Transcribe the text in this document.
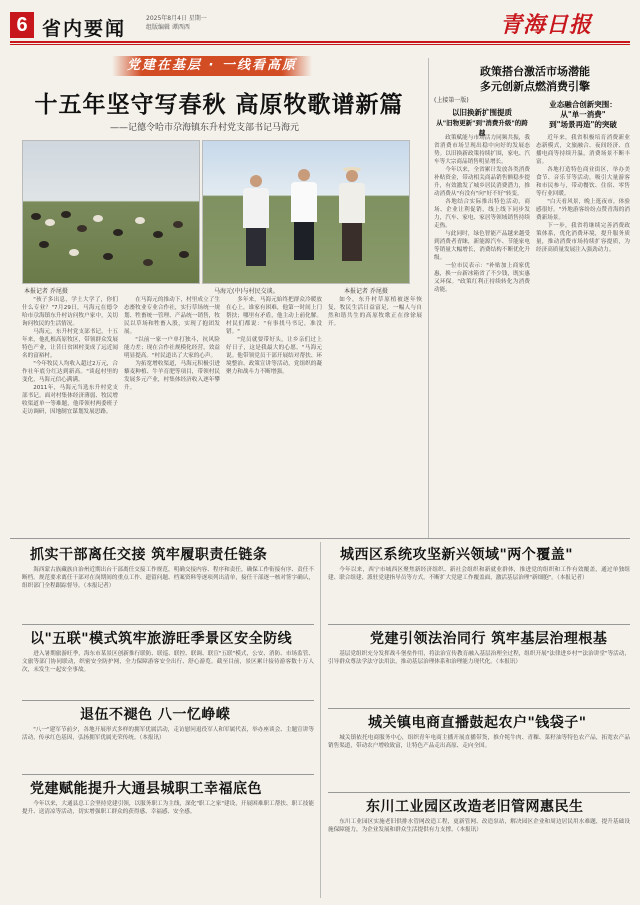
6 省内要闻	2025年8月4日 星期一
组版编辑 谭西西	青海日报
党建在基层 · 一线看高原
十五年坚守写春秋 高原牧歌谱新篇
——记德令哈市尕海镇东升村党支部书记马海元
本报记者 乔尾摄	马海元(中)与村民交谈。	本报记者 乔尾摄

"孩子多出息，学土大学了，你们什么专业？"7月29日，马海元在德令哈市尕海镇东升村访问牧户家中，关切询问牧民的生活情况。

马海元，东升村党支部书记，十五年来，他扎根高原牧区，带领群众发展特色产业，让昔日贫困村变成了远近闻名的富裕村。

"今年牧民人均收入超过2万元，合作社年底分红达到新高。"谈起村里的变化，马海元信心满满。

2011年，马海元当选东升村党支部书记。面对村集体经济薄弱、牧民增收渠道单一等难题，他带领村两委班子走访调研，因地制宜谋划发展思路。

在马海元的推动下，村里成立了生态畜牧业专业合作社，实行草场统一规划、牲畜统一管理、产品统一销售，牧民以草场和牲畜入股，实现了抱团发展。

"以前一家一户单打独斗，抗风险能力差；现在合作社规模化经营，效益明显提高。"村民道出了大家的心声。

为拓宽增收渠道，马海元积极引进藜麦种植、牛羊育肥等项目，带领村民发展多元产业，村集体经济收入逐年攀升。

多年来，马海元始终把群众冷暖放在心上，谁家有困难，他第一时间上门帮扶；哪里有矛盾，他主动上前化解。村民们都说："有事找马书记，准没错。"

"党员就要带好头，让乡亲们过上好日子，这是我最大的心愿。"马海元说。他带领党员干部开展结对帮扶、环境整治、政策宣讲等活动，党组织的凝聚力和战斗力不断增强。

如今，东升村草原植被逐年恢复，牧民生活日益富足，一幅人与自然和谐共生的高原牧歌正在徐徐展开。

政策搭台激活市场潜能
多元创新点燃消费引擎
(上接第一版)
以旧换新扩围提质
从"旧物更新"到"消费升级"的跨越

政策赋能与市场活力同频共振，我省消费市场呈现出稳中向好的发展态势。以旧换新政策持续扩围，家电、汽车等大宗商品销售明显增长。

今年以来，全省累计发放各类消费补贴资金，带动相关商品销售额稳步提升，有效激发了城乡居民消费潜力，推动消费从"有没有"向"好不好"转变。

各地结合实际推出特色活动，商场、企业让利促销，线上线下同步发力，汽车、家电、家居等领域销售持续走热。

与此同时，绿色智能产品越来越受到消费者青睐，新能源汽车、节能家电等销量大幅增长，消费结构不断优化升级。

一位市民表示："补贴加上商家优惠，换一台新冰箱省了不少钱，既实惠又环保。"政策红利正持续转化为消费动能。

业态融合创新突围：
从"单一消费"
到"场景再造"的突破

近年来，我省积极培育消费新业态新模式，文旅融合、夜间经济、直播电商等持续升温，消费场景不断丰富。

各地打造特色商业街区，举办美食节、音乐节等活动，吸引大量游客和市民参与，带动餐饮、住宿、零售等行业回暖。

"白天看风景，晚上逛夜市，体验感很好。"外地游客纷纷点赞青海的消费新场景。

下一步，我省将继续完善消费政策体系，优化消费环境，提升服务质量，推动消费市场持续扩容提质，为经济高质量发展注入强劲动力。

抓实干部离任交接 筑牢履职责任链条

海西蒙古族藏族自治州近期出台干部离任交接工作规范，明确交接内容、程序和责任，确保工作衔接有序、责任不断档。规范要求离任干部对在岗期间的重点工作、遗留问题、档案资料等逐项列出清单，接任干部逐一核对签字确认，组织部门全程跟踪督导。（本报记者）

以"五联"模式筑牢旅游旺季景区安全防线

进入暑期旅游旺季，海东市某景区创新推行联防、联巡、联控、联调、联宣"五联"模式，公安、消防、市场监管、文旅等部门协同联动，织密安全防护网，全力保障游客安全出行、舒心游览。截至目前，景区累计接待游客数十万人次，未发生一起安全事故。

退伍不褪色 八一忆峥嵘

"八一"建军节前夕，各地开展形式多样的拥军优属活动，走访慰问退役军人和军属代表，举办座谈会、主题宣讲等活动，传承红色基因，弘扬拥军优属光荣传统。（本报讯）

党建赋能提升大通县城职工幸福底色

今年以来，大通县总工会坚持党建引领，以服务职工为主线，深化"职工之家"建设，开展困难职工帮扶、职工技能提升、送清凉等活动，切实增强职工群众的获得感、幸福感、安全感。

城西区系统攻坚新兴领域"两个覆盖"

今年以来，西宁市城西区聚焦新经济组织、新社会组织和新就业群体，推进党的组织和工作有效覆盖，通过单独组建、联合组建、派驻党建指导员等方式，不断扩大党建工作覆盖面，激活基层治理"新细胞"。（本报记者）

党建引领法治同行 筑牢基层治理根基

基层党组织充分发挥战斗堡垒作用，将法治宣传教育融入基层治理全过程，组织开展"法律进乡村""法治讲堂"等活动，引导群众尊法学法守法用法，推动基层治理体系和治理能力现代化。（本报讯）

城关镇电商直播鼓起农户"钱袋子"

城关镇依托电商服务中心，组织青年电商主播开展直播带货，推介牦牛肉、青稞、菜籽油等特色农产品，拓宽农产品销售渠道，带动农户增收致富，让特色产品走出高原、走向全国。

东川工业园区改造老旧管网惠民生

东川工业园区实施老旧供排水管网改造工程，更新管网、改造泵站，解决园区企业和周边居民用水难题，提升基础设施保障能力，为企业发展和群众生活提供有力支撑。（本报讯）
